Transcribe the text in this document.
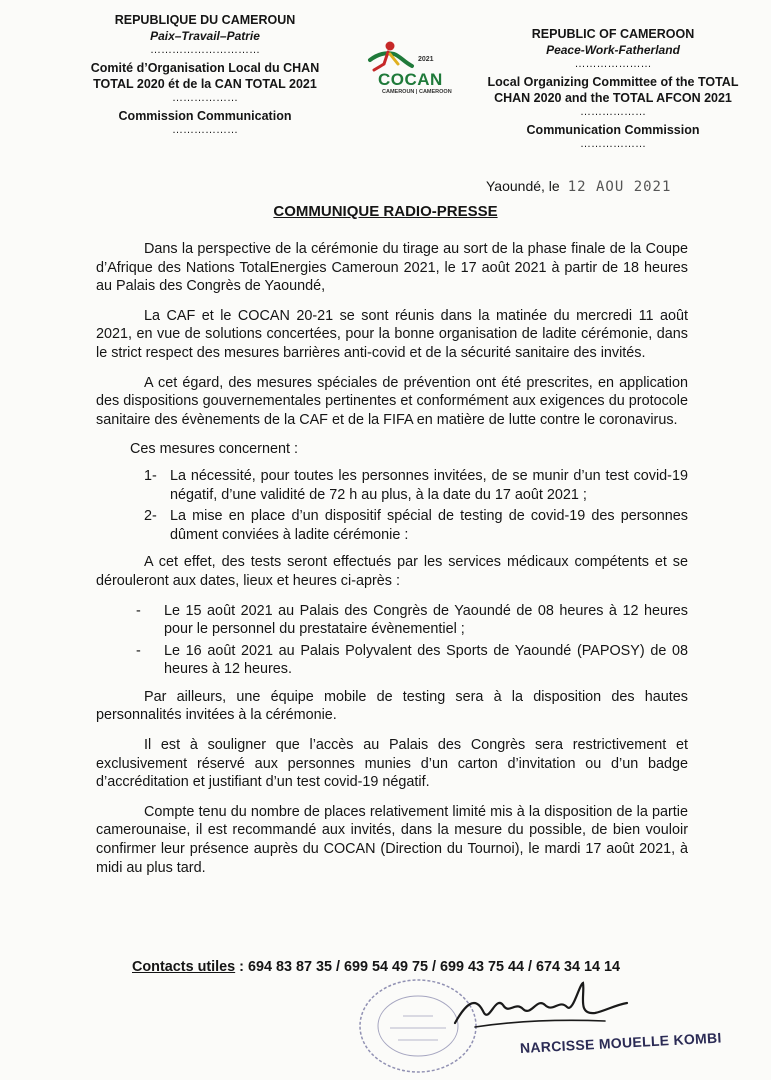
REPUBLIQUE DU CAMEROUN
Paix–Travail–Patrie
…………………………
Comité d’Organisation Local du CHAN
TOTAL 2020 ét de la CAN TOTAL 2021
………………
Commission Communication
………………
2021
COCAN
CAMEROUN | CAMEROON
REPUBLIC OF CAMEROON
Peace-Work-Fatherland
…………………
Local Organizing Committee of the TOTAL
CHAN 2020 and the TOTAL AFCON 2021
………………
Communication Commission
………………
Yaoundé, le 12 AOU 2021
COMMUNIQUE RADIO-PRESSE

Dans la perspective de la cérémonie du tirage au sort de la phase finale de la Coupe d’Afrique des Nations TotalEnergies Cameroun 2021, le 17 août 2021 à partir de 18 heures au Palais des Congrès de Yaoundé,

La CAF et le COCAN 20-21 se sont réunis dans la matinée du mercredi 11 août 2021, en vue de solutions concertées, pour la bonne organisation de ladite cérémonie, dans le strict respect des mesures barrières anti-covid et de la sécurité sanitaire des invités.

A cet égard, des mesures spéciales de prévention ont été prescrites, en application des dispositions gouvernementales pertinentes et conformément aux exigences du protocole sanitaire des évènements de la CAF et de la FIFA en matière de lutte contre le coronavirus.

Ces mesures concernent :

1- La nécessité, pour toutes les personnes invitées, de se munir d’un test covid-19 négatif, d’une validité de 72 h au plus, à la date du 17 août 2021 ;
2- La mise en place d’un dispositif spécial de testing de covid-19 des personnes dûment conviées à ladite cérémonie :

A cet effet, des tests seront effectués par les services médicaux compétents et se dérouleront aux dates, lieux et heures ci-après :

-	Le 15 août 2021 au Palais des Congrès de Yaoundé de 08 heures à 12 heures pour le personnel du prestataire évènementiel ;
-	Le 16 août 2021 au Palais Polyvalent des Sports de Yaoundé (PAPOSY) de 08 heures à 12 heures.

Par ailleurs, une équipe mobile de testing sera à la disposition des hautes personnalités invitées à la cérémonie.

Il est à souligner que l’accès au Palais des Congrès sera restrictivement et exclusivement réservé aux personnes munies d’un carton d’invitation ou d’un badge d’accréditation et justifiant d’un test covid-19 négatif.

Compte tenu du nombre de places relativement limité mis à la disposition de la partie camerounaise, il est recommandé aux invités, dans la mesure du possible, de bien vouloir confirmer leur présence auprès du COCAN (Direction du Tournoi), le mardi 17 août 2021, à midi au plus tard.

Contacts utiles : 694 83 87 35 / 699 54 49 75 / 699 43 75 44 / 674 34 14 14
NARCISSE MOUELLE KOMBI
